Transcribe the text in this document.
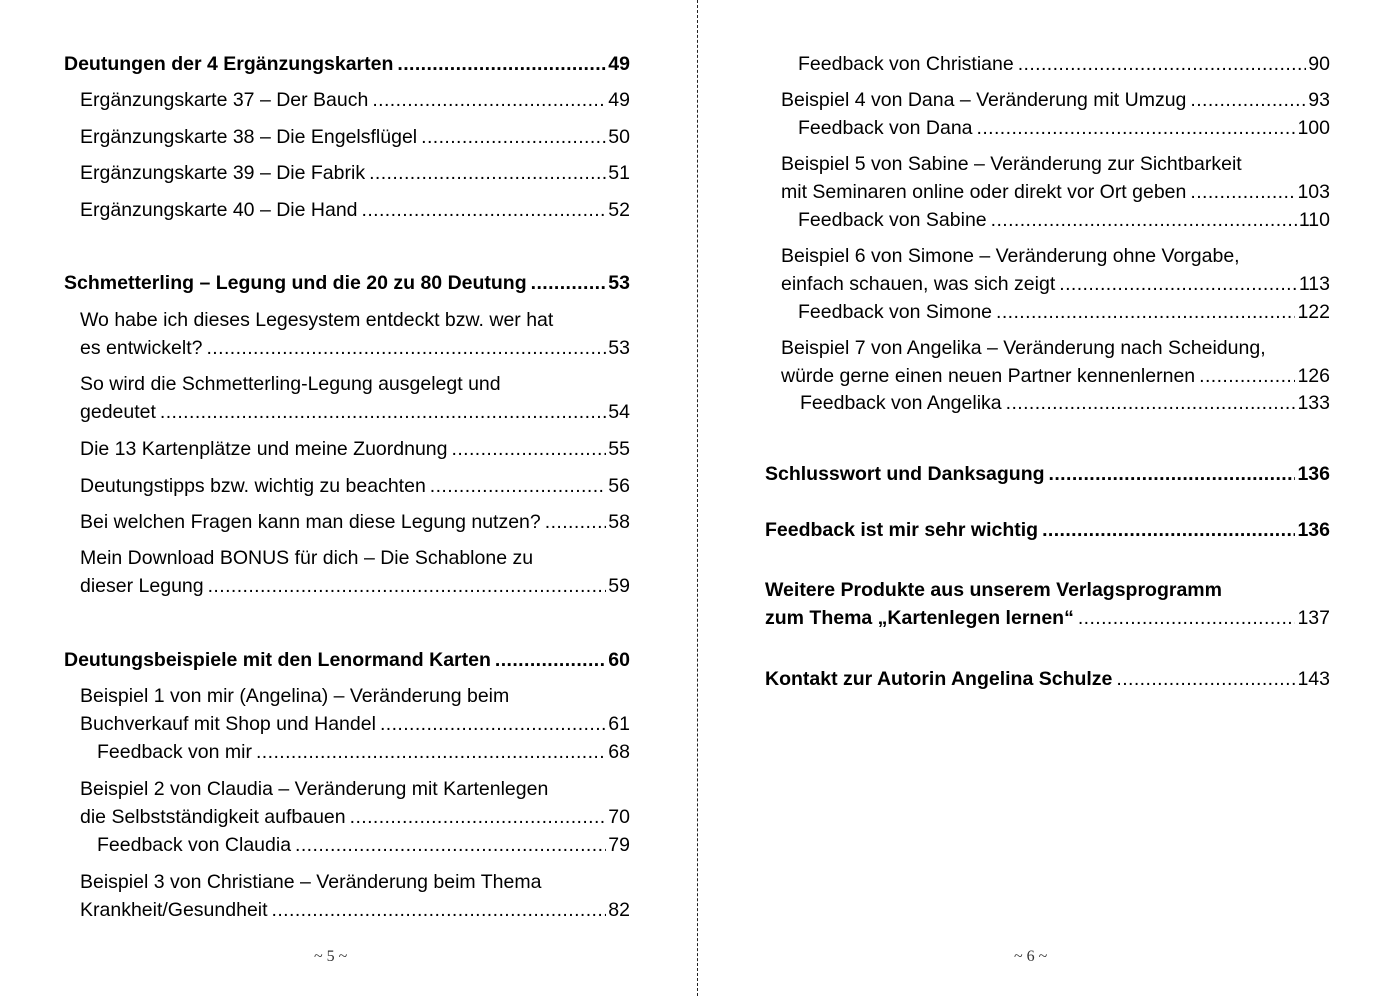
Deutungen der 4 Ergänzungskarten .....	49
Ergänzungskarte 37 – Der Bauch .....	49
Ergänzungskarte 38 – Die Engelsflügel .....	50
Ergänzungskarte 39 – Die Fabrik .....	51
Ergänzungskarte 40 – Die Hand .....	52
Schmetterling – Legung und die 20 zu 80 Deutung .....	53
Wo habe ich dieses Legesystem entdeckt bzw. wer hat
es entwickelt? .....	53
So wird die Schmetterling-Legung ausgelegt und
gedeutet .....	54
Die 13 Kartenplätze und meine Zuordnung .....	55
Deutungstipps bzw. wichtig zu beachten .....	56
Bei welchen Fragen kann man diese Legung nutzen? .....	58
Mein Download BONUS für dich – Die Schablone zu
dieser Legung .....	59
Deutungsbeispiele mit den Lenormand Karten .....	60
Beispiel 1 von mir (Angelina) – Veränderung beim
Buchverkauf mit Shop und Handel .....	61
Feedback von mir .....	68
Beispiel 2 von Claudia – Veränderung mit Kartenlegen
die Selbstständigkeit aufbauen .....	70
Feedback von Claudia .....	79
Beispiel 3 von Christiane – Veränderung beim Thema
Krankheit/Gesundheit .....	82
~ 5 ~
Feedback von Christiane .....	90
Beispiel 4 von Dana – Veränderung mit Umzug .....	93
Feedback von Dana .....	100
Beispiel 5 von Sabine – Veränderung zur Sichtbarkeit
mit Seminaren online oder direkt vor Ort geben .....	103
Feedback von Sabine .....	110
Beispiel 6 von Simone – Veränderung ohne Vorgabe,
einfach schauen, was sich zeigt .....	113
Feedback von Simone .....	122
Beispiel 7 von Angelika – Veränderung nach Scheidung,
würde gerne einen neuen Partner kennenlernen .....	126
Feedback von Angelika .....	133
Schlusswort und Danksagung .....	136
Feedback ist mir sehr wichtig .....	136
Weitere Produkte aus unserem Verlagsprogramm
zum Thema „Kartenlegen lernen“ .....	137
Kontakt zur Autorin Angelina Schulze .....	143
~ 6 ~
